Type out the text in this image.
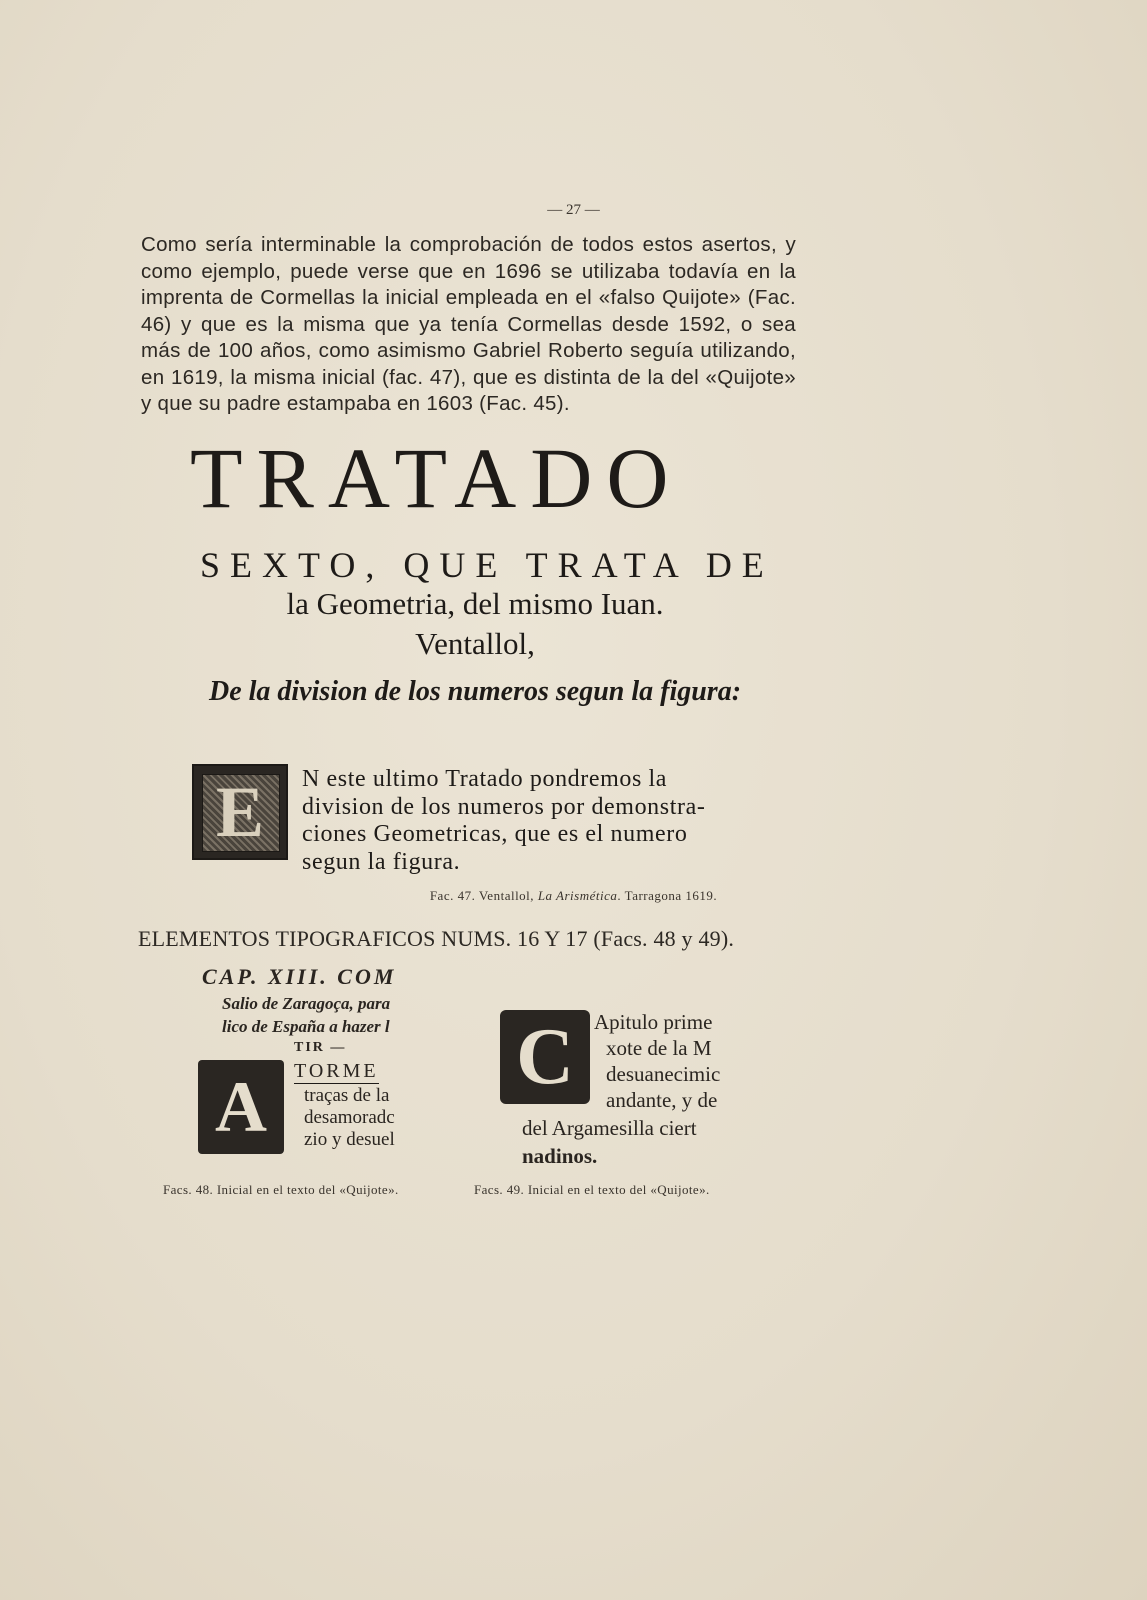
— 27 —

Como sería interminable la comprobación de todos estos asertos, y como ejemplo, puede verse que en 1696 se utilizaba todavía en la imprenta de Cormellas la inicial empleada en el «falso Quijote» (Fac. 46) y que es la misma que ya tenía Cormellas desde 1592, o sea más de 100 años, como asimismo Gabriel Roberto seguía utilizando, en 1619, la misma inicial (fac. 47), que es distinta de la del «Quijote» y que su padre estampaba en 1603 (Fac. 45).

TRATADO
SEXTO, QUE TRATA DE
la Geometria, del mismo Iuan.
Ventallol,
De la division de los numeros segun la figura:
E	N este ultimo Tratado pondremos la
division de los numeros por demonstra-
ciones Geometricas, que es el numero
segun la figura.
Fac. 47. Ventallol, La Arismética. Tarragona 1619.
ELEMENTOS TIPOGRAFICOS NUMS. 16 Y 17 (Facs. 48 y 49).
CAP. XIII. COM
Salio de Zaragoça, para
lico de España a hazer l
TIR —
A	TORME
traças de la
desamoradc
zio y desuel
C Apitulo prime
xote de la M
desuanecimic
andante, y de
del Argamesilla ciert
nadinos.
Facs. 48. Inicial en el texto del «Quijote».	Facs. 49. Inicial en el texto del «Quijote».
